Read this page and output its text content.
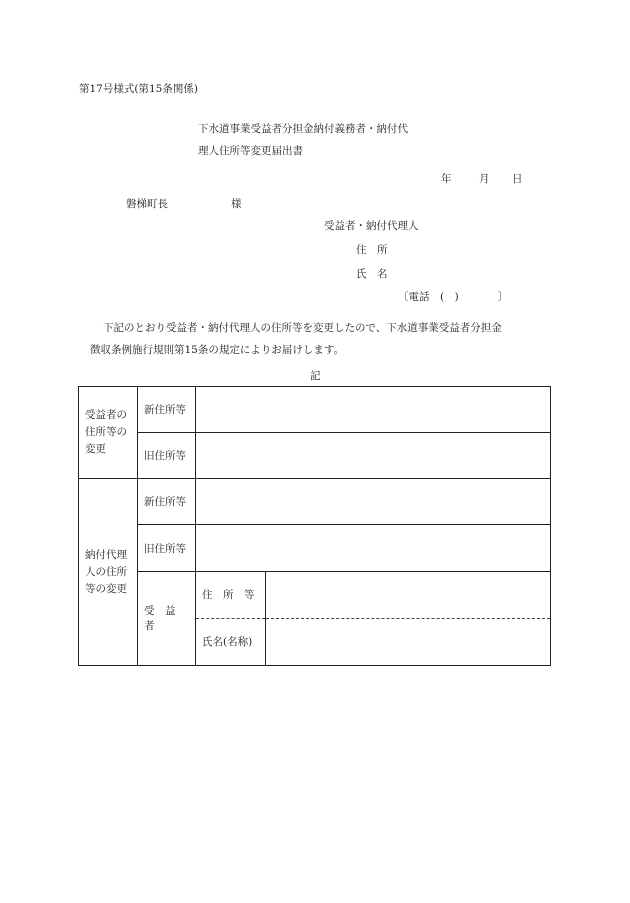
第17号様式(第15条関係)
下水道事業受益者分担金納付義務者・納付代
理人住所等変更届出書
年	月 日
磐梯町長	様
受益者・納付代理人
住　所
氏　名
〔電話　(　)	〕
下記のとおり受益者・納付代理人の住所等を変更したので、下水道事業受益者分担金
徴収条例施行規則第15条の規定によりお届けします。
記
受益者の
住所等の
変更	新住所等		
	旧住所等		

納付代理
人の住所
等の変更	新住所等		
	旧住所等		
	受　益　者	住　所　等	
		氏名(名称)	
